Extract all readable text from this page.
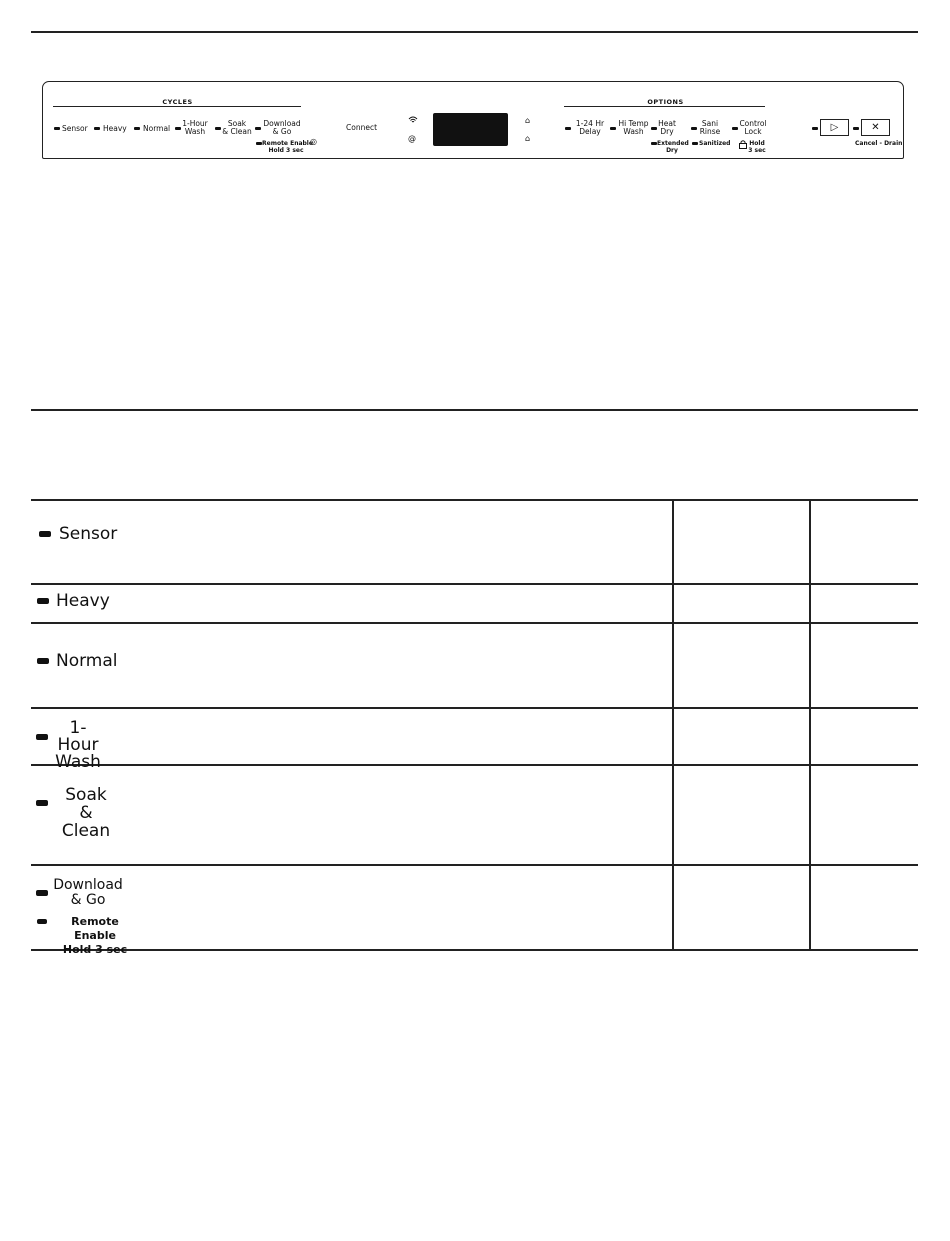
CYCLES
Sensor Heavy Normal
1-Hour
Wash
Soak
& Clean
Download
& Go
Remote Enable
Hold 3 sec
◎
Connect
@
⌂
⌂
OPTIONS
1-24 Hr
Delay
Hi Temp
Wash
Heat
Dry
Extended
Dry
Sani
Rinse
Sanitized
Control
Lock
Hold
3 sec
▷	✕
Cancel - Drain
Sensor
Heavy
Normal
1-Hour
Wash
Soak
& Clean
Download
& Go
Remote Enable
Hold 3 sec
